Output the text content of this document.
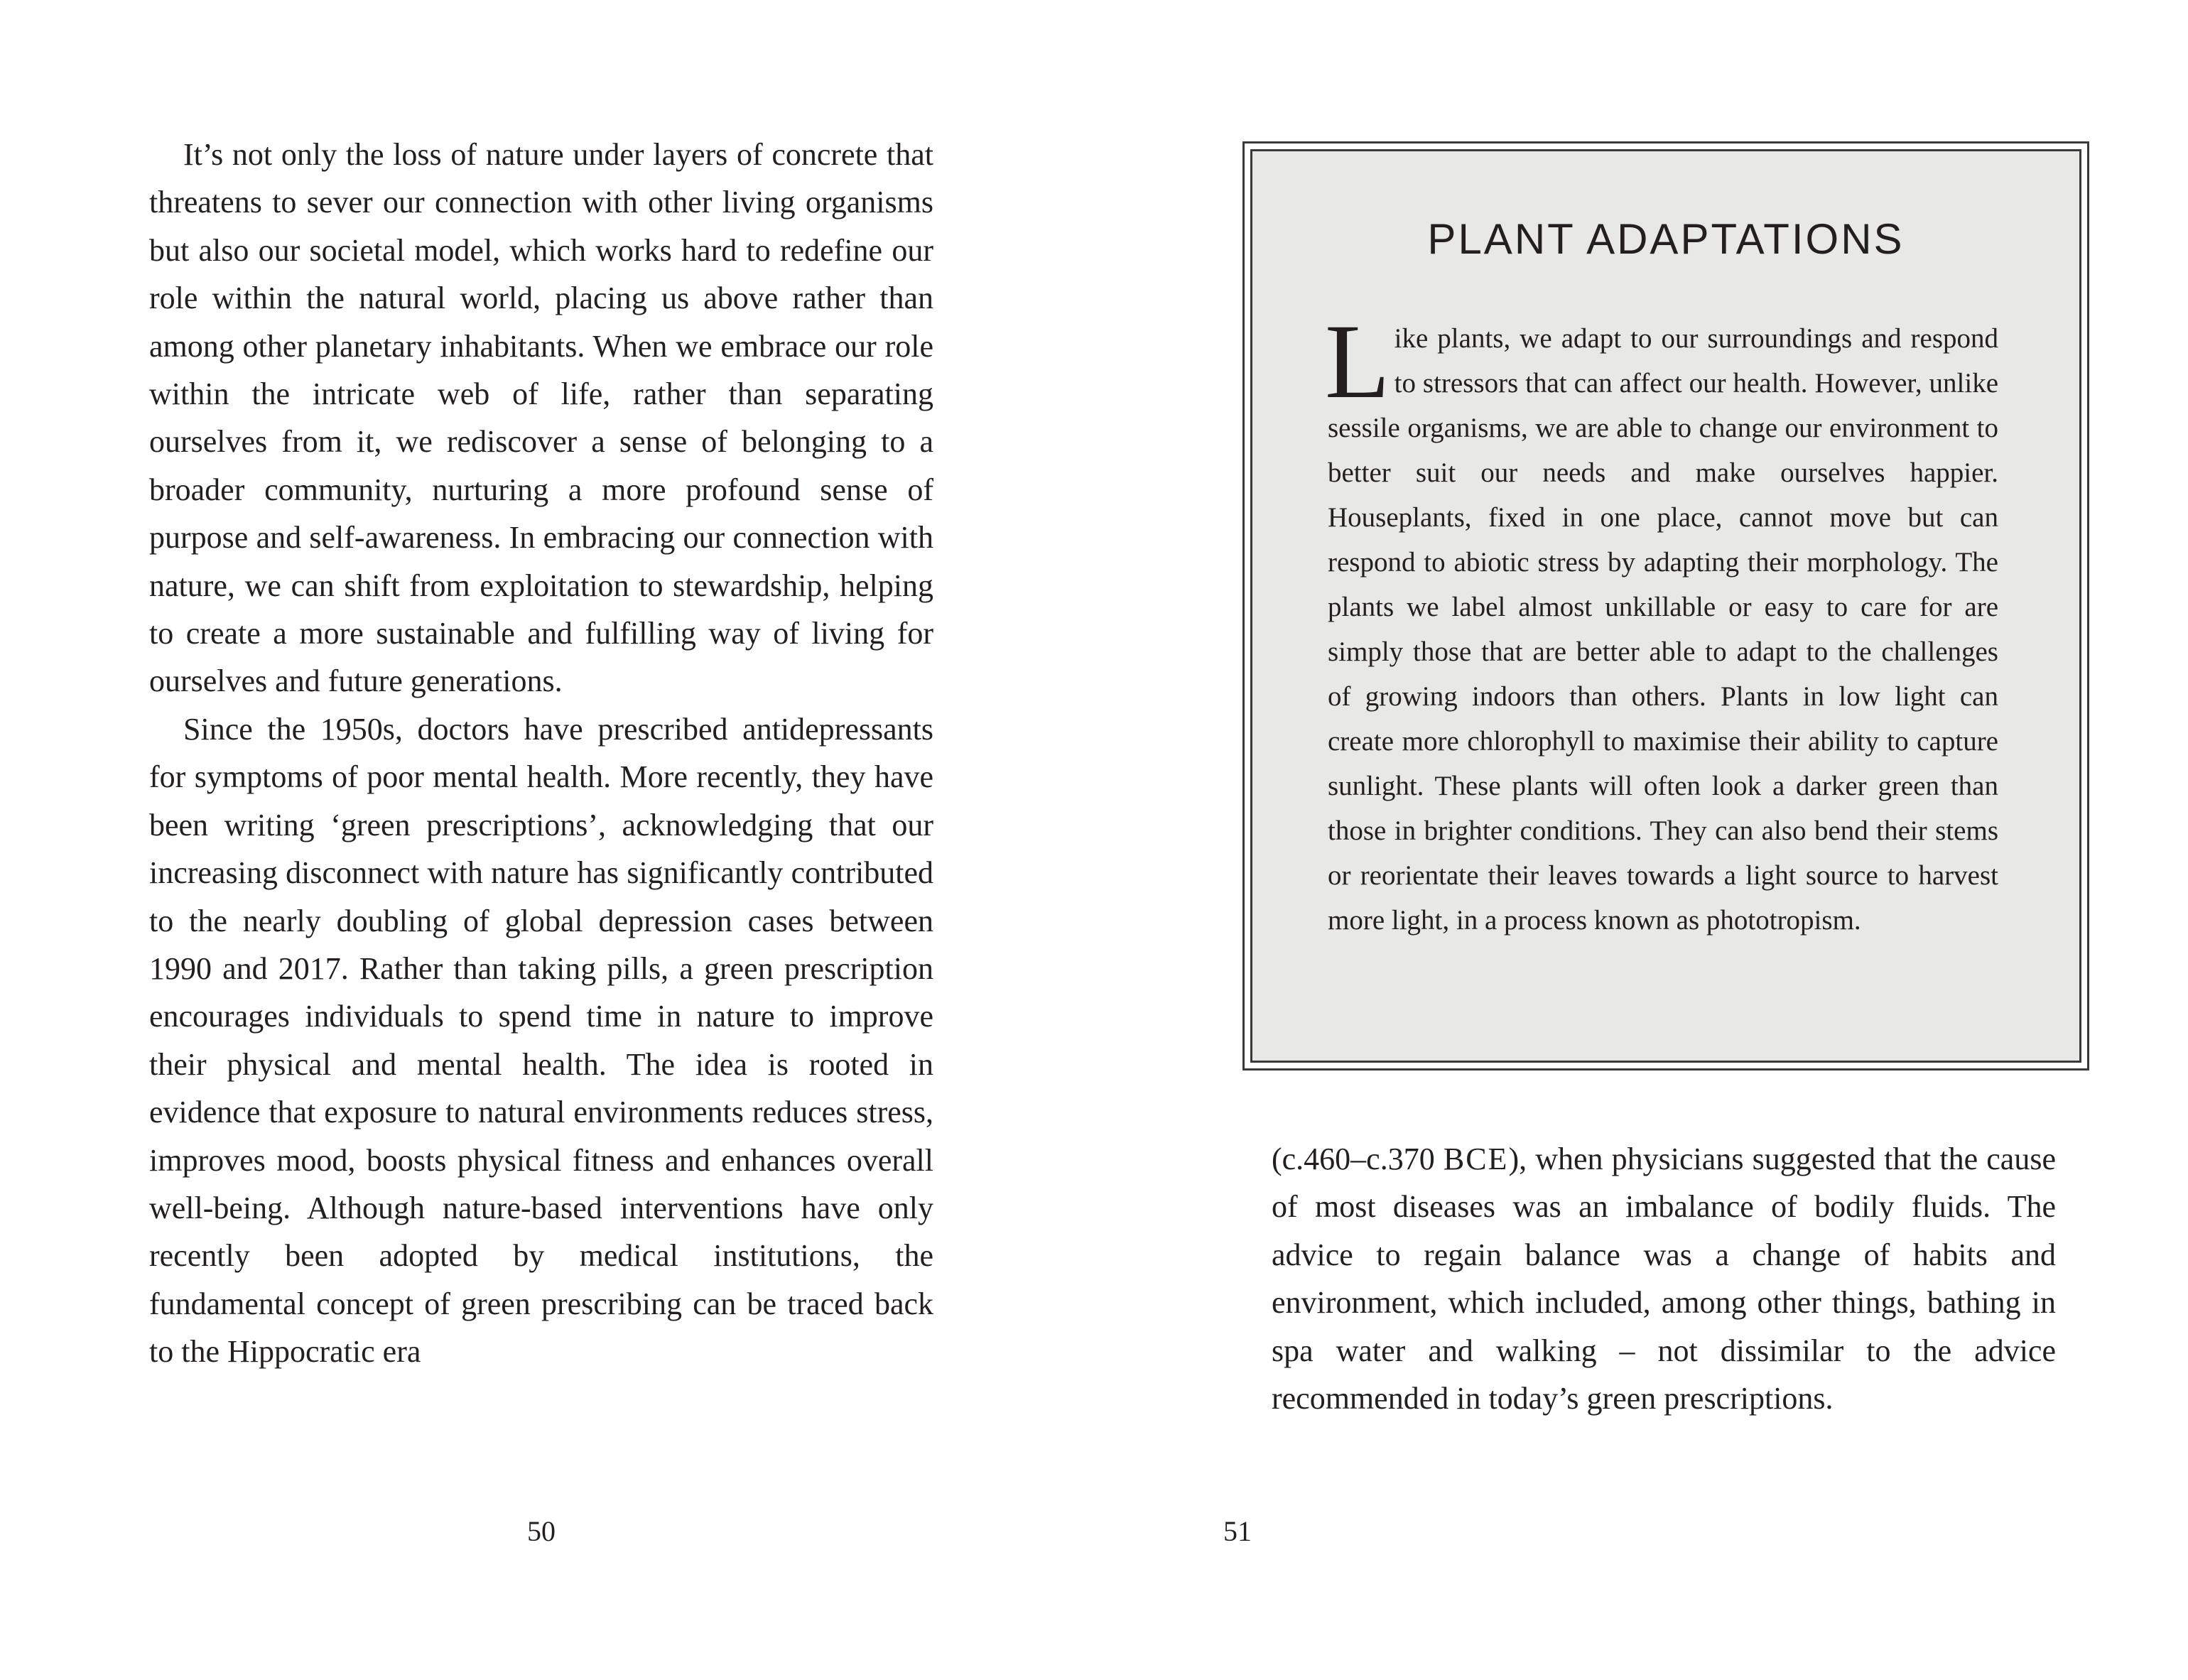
It’s not only the loss of nature under layers of concrete that threatens to sever our connection with other living organisms but also our societal model, which works hard to redefine our role within the natural world, placing us above rather than among other planetary inhabitants. When we embrace our role within the intricate web of life, rather than separating ourselves from it, we rediscover a sense of belonging to a broader community, nurturing a more profound sense of purpose and self-awareness. In embracing our connection with nature, we can shift from exploitation to stewardship, helping to create a more sustainable and fulfilling way of living for ourselves and future generations.

Since the 1950s, doctors have prescribed antidepressants for symptoms of poor mental health. More recently, they have been writing ‘green prescriptions’, acknowledging that our increasing disconnect with nature has significantly contributed to the nearly doubling of global depression cases between 1990 and 2017. Rather than taking pills, a green prescription encourages individuals to spend time in nature to improve their physical and mental health. The idea is rooted in evidence that exposure to natural environments reduces stress, improves mood, boosts physical fitness and enhances overall well-being. Although nature-based interventions have only recently been adopted by medical institutions, the fundamental concept of green prescribing can be traced back to the Hippocratic era

50
PLANT ADAPTATIONS

Like plants, we adapt to our surroundings and respond to stressors that can affect our health. However, unlike sessile organisms, we are able to change our environment to better suit our needs and make ourselves happier. Houseplants, fixed in one place, cannot move but can respond to abiotic stress by adapting their morphology. The plants we label almost unkillable or easy to care for are simply those that are better able to adapt to the challenges of growing indoors than others. Plants in low light can create more chlorophyll to maximise their ability to capture sunlight. These plants will often look a darker green than those in brighter conditions. They can also bend their stems or reorientate their leaves towards a light source to harvest more light, in a process known as phototropism.

(c.460–c.370 BCE), when physicians suggested that the cause of most diseases was an imbalance of bodily fluids. The advice to regain balance was a change of habits and environment, which included, among other things, bathing in spa water and walking – not dissimilar to the advice recommended in today’s green prescriptions.

51
